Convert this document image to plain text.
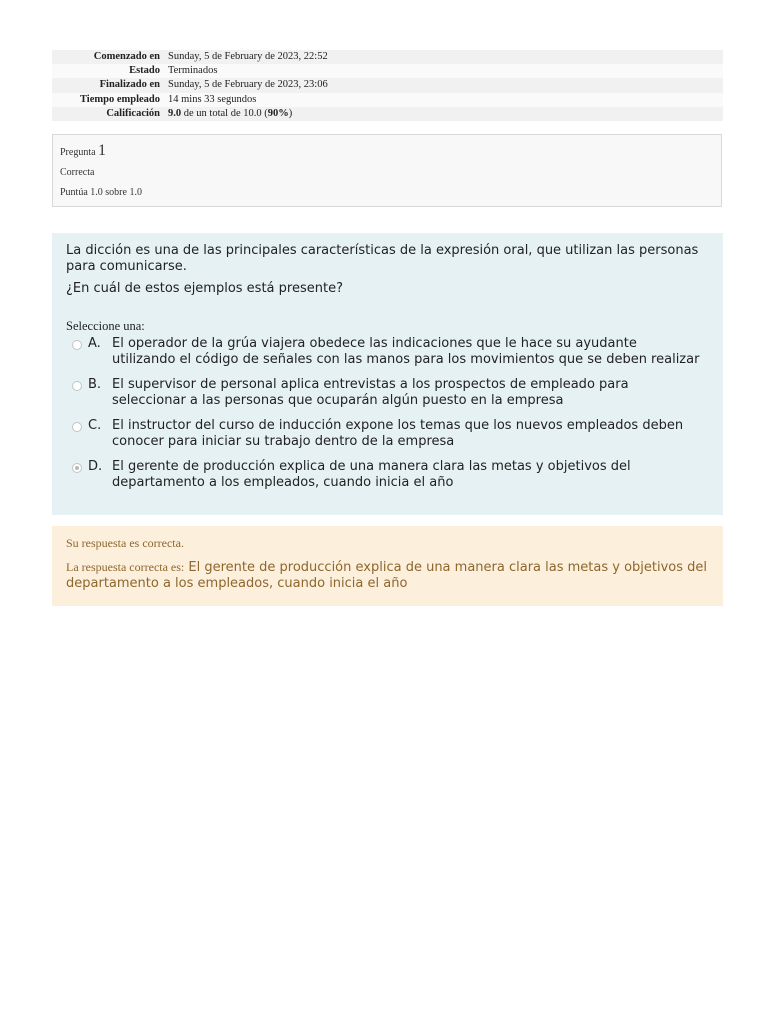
Comenzado en Sunday, 5 de February de 2023, 22:52
Estado Terminados
Finalizado en Sunday, 5 de February de 2023, 23:06
Tiempo empleado 14 mins 33 segundos
Calificación 9.0 de un total de 10.0 (90%)
Pregunta 1
Correcta
Puntúa 1.0 sobre 1.0

La dicción es una de las principales características de la expresión oral, que utilizan las personas para comunicarse.

¿En cuál de estos ejemplos está presente?

Seleccione una:
A. El operador de la grúa viajera obedece las indicaciones que le hace su ayudante utilizando el código de señales con las manos para los movimientos que se deben realizar
B. El supervisor de personal aplica entrevistas a los prospectos de empleado para seleccionar a las personas que ocuparán algún puesto en la empresa
C. El instructor del curso de inducción expone los temas que los nuevos empleados deben conocer para iniciar su trabajo dentro de la empresa
D. El gerente de producción explica de una manera clara las metas y objetivos del departamento a los empleados, cuando inicia el año
Su respuesta es correcta.
La respuesta correcta es: El gerente de producción explica de una manera clara las metas y objetivos del departamento a los empleados, cuando inicia el año
